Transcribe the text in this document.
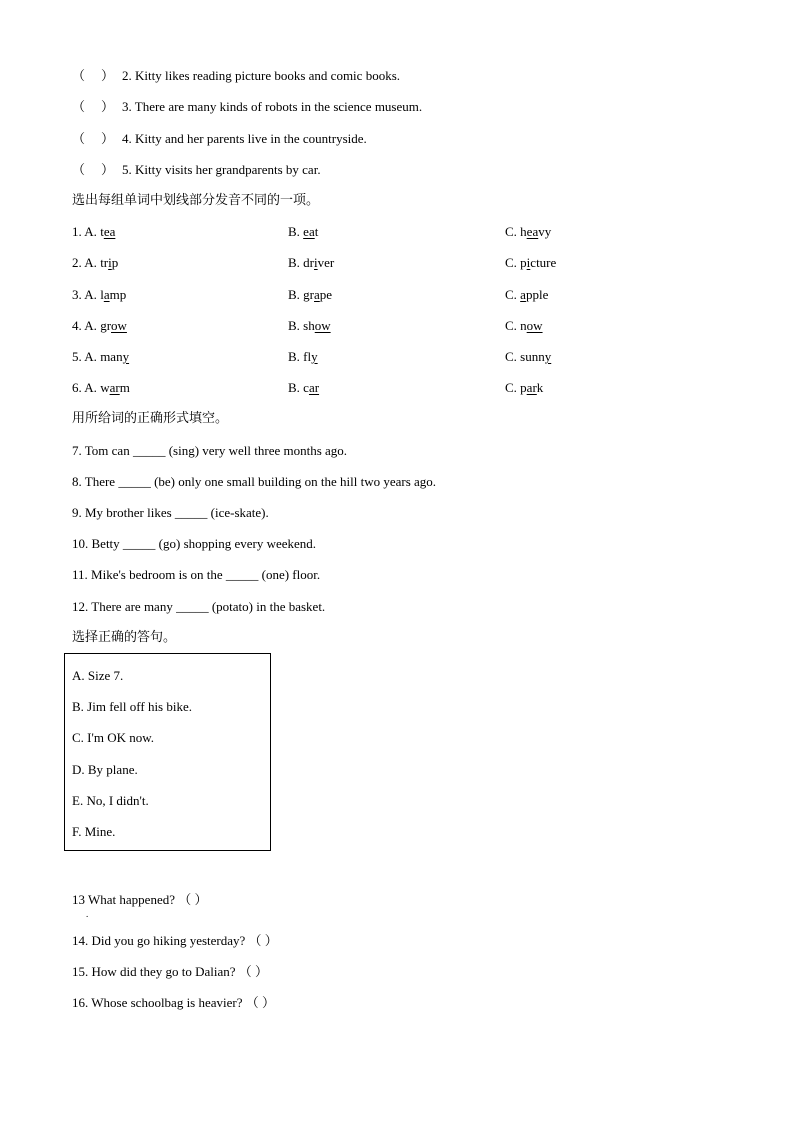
（ ） 2. Kitty likes reading picture books and comic books.
（ ） 3. There are many kinds of robots in the science museum.
（ ） 4. Kitty and her parents live in the countryside.
（ ） 5. Kitty visits her grandparents by car.
选出每组单词中划线部分发音不同的一项。
1. A. tea	B. eat	C. heavy
2. A. trip	B. driver	C. picture
3. A. lamp	B. grape	C. apple
4. A. grow	B. show	C. now
5. A. many	B. fly	C. sunny
6. A. warm	B. car	C. park
用所给词的正确形式填空。
7. Tom can _____ (sing) very well three months ago.
8. There _____ (be) only one small building on the hill two years ago.
9. My brother likes _____ (ice-skate).
10. Betty _____ (go) shopping every weekend.
11. Mike's bedroom is on the _____ (one) floor.
12. There are many _____ (potato) in the basket.
选择正确的答句。
A. Size 7.
B. Jim fell off his bike.
C. I'm OK now.
D. By plane.
E. No, I didn't.
F. Mine.
13 What happened? （ ）
.
14. Did you go hiking yesterday? （ ）
15. How did they go to Dalian? （ ）
16. Whose schoolbag is heavier? （ ）
